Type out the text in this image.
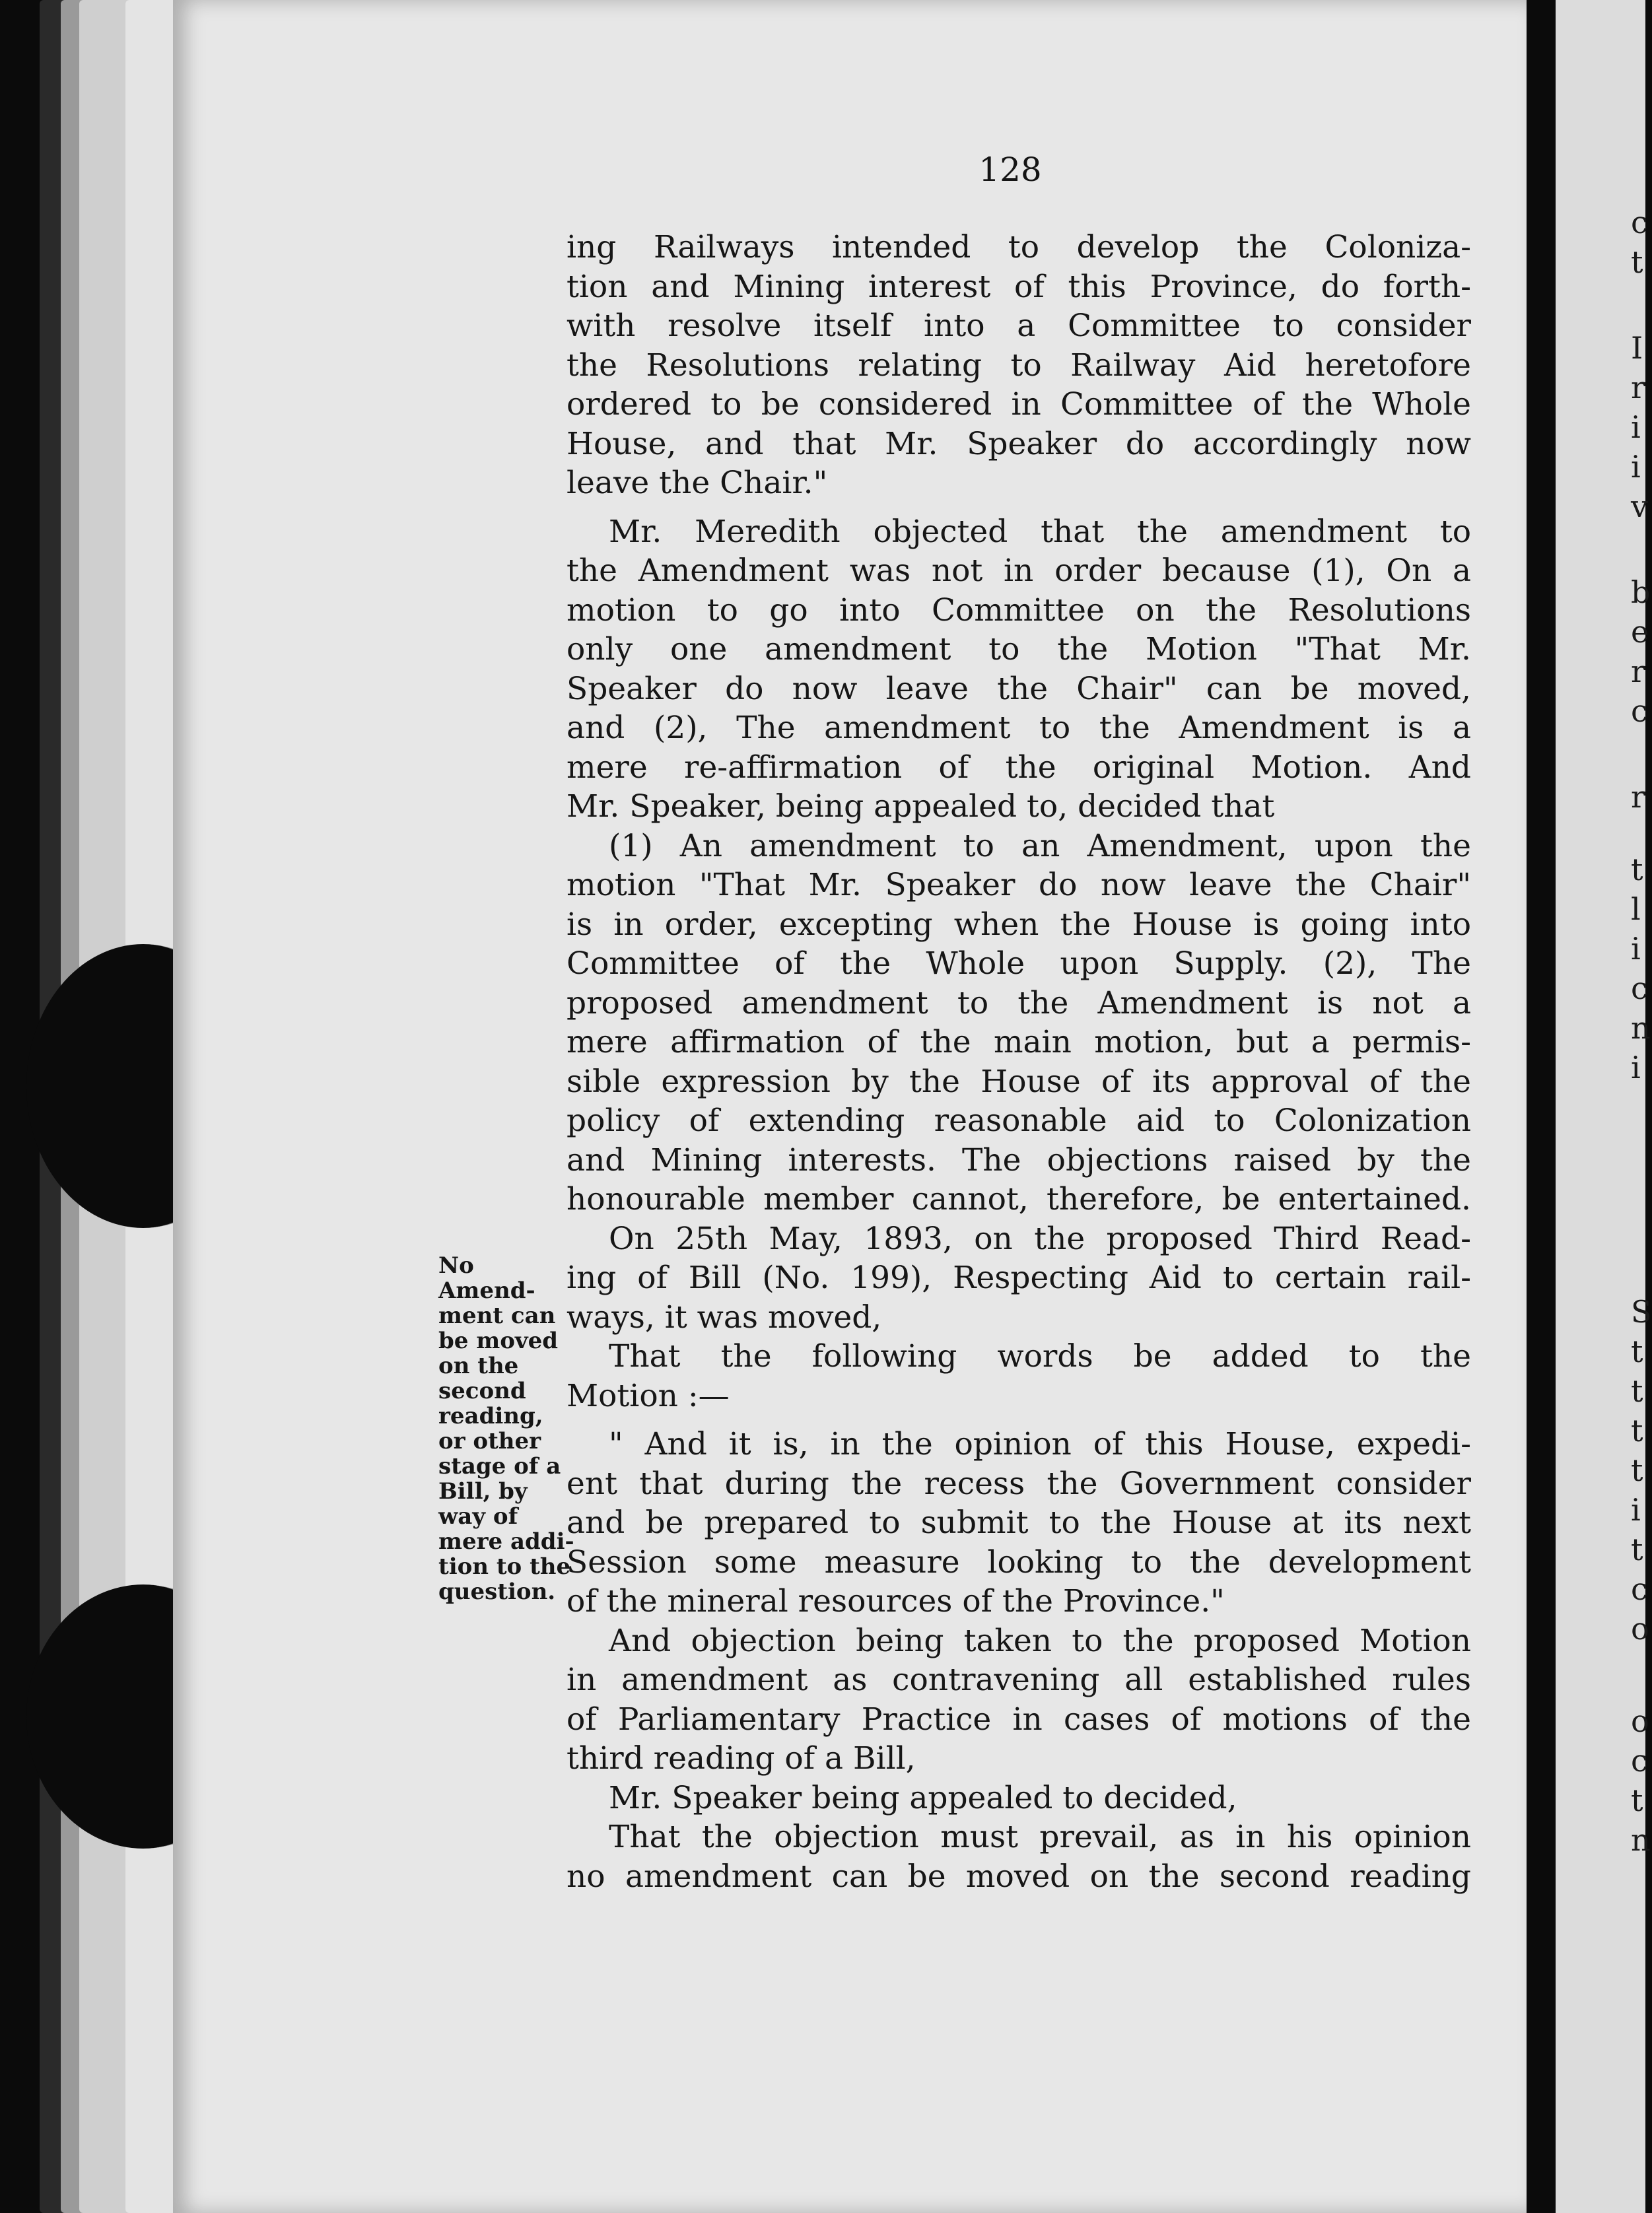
c
t
I
r
i
i
v
b
e
r
c
r
t
l
i
c
n
i
S
t
t
t
t
i
t
c
o
o
c
t
n
128
No
Amend-
ment can
be moved
on the
second
reading,
or other
stage of a
Bill, by
way of
mere addi-
tion to the
question.

ing Railways intended to develop the Coloniza-

tion and Mining interest of this Province, do forth-

with resolve itself into a Committee to consider

the Resolutions relating to Railway Aid heretofore

ordered to be considered in Committee of the Whole

House, and that Mr. Speaker do accordingly now

leave the Chair."

Mr. Meredith objected that the amendment to

the Amendment was not in order because (1), On a

motion to go into Committee on the Resolutions

only one amendment to the Motion "That Mr.

Speaker do now leave the Chair" can be moved,

and (2), The amendment to the Amendment is a

mere re-affirmation of the original Motion. And

Mr. Speaker, being appealed to, decided that

(1) An amendment to an Amendment, upon the

motion "That Mr. Speaker do now leave the Chair"

is in order, excepting when the House is going into

Committee of the Whole upon Supply. (2), The

proposed amendment to the Amendment is not a

mere affirmation of the main motion, but a permis-

sible expression by the House of its approval of the

policy of extending reasonable aid to Colonization

and Mining interests. The objections raised by the

honourable member cannot, therefore, be entertained.

On 25th May, 1893, on the proposed Third Read-

ing of Bill (No. 199), Respecting Aid to certain rail-

ways, it was moved,

That the following words be added to the

Motion :—

" And it is, in the opinion of this House, expedi-

ent that during the recess the Government consider

and be prepared to submit to the House at its next

Session some measure looking to the development

of the mineral resources of the Province."

And objection being taken to the proposed Motion

in amendment as contravening all established rules

of Parliamentary Practice in cases of motions of the

third reading of a Bill,

Mr. Speaker being appealed to decided,

That the objection must prevail, as in his opinion

no amendment can be moved on the second reading
